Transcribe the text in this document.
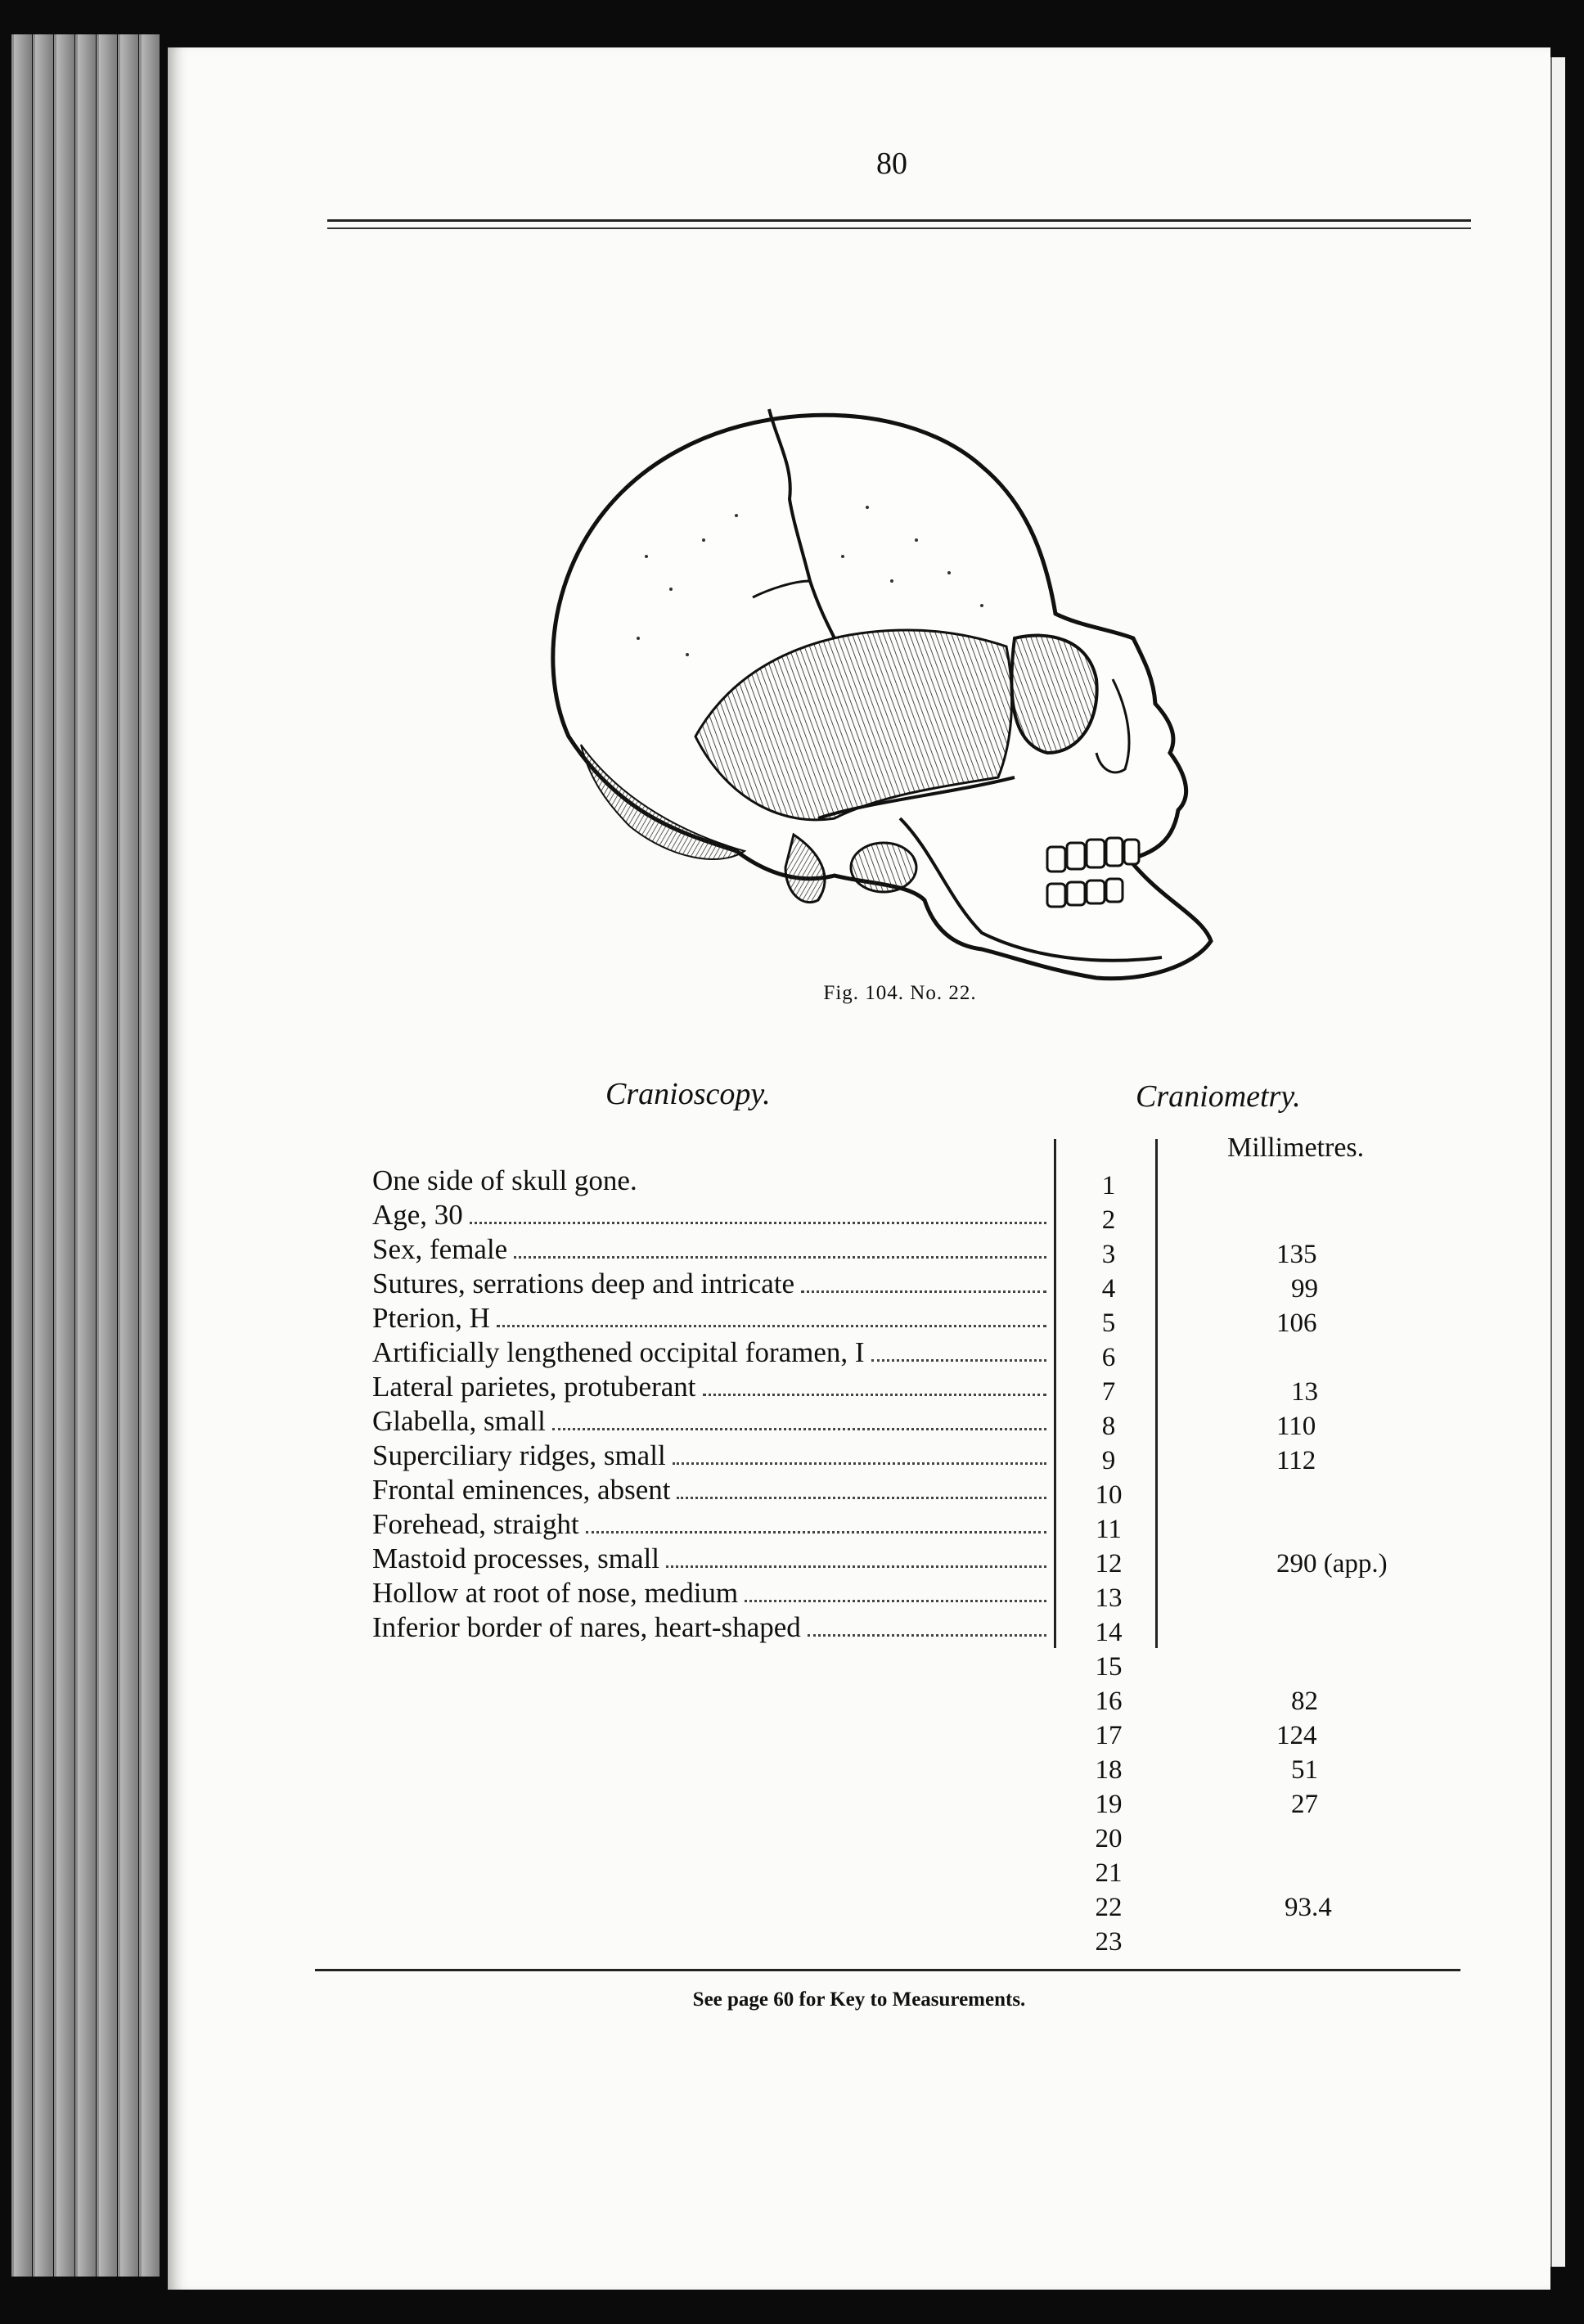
80
Fig. 104. No. 22.
Cranioscopy.	Craniometry.
Millimetres.
One side of skull gone.
Age, 30
Sex, female
Sutures, serrations deep and intricate
Pterion, H
Artificially lengthened occipital foramen, I
Lateral parietes, protuberant
Glabella, small
Superciliary ridges, small
Frontal eminences, absent
Forehead, straight
Mastoid processes, small
Hollow at root of nose, medium
Inferior border of nares, heart-shaped
1
2
3
4
5
6
7
8
9
10
11
12
13
14
15
16
17
18
19
20
21
22
23
135
99
106
13
110
112
290 (app.)
82
124
51
27
93.4
See page 60 for Key to Measurements.
